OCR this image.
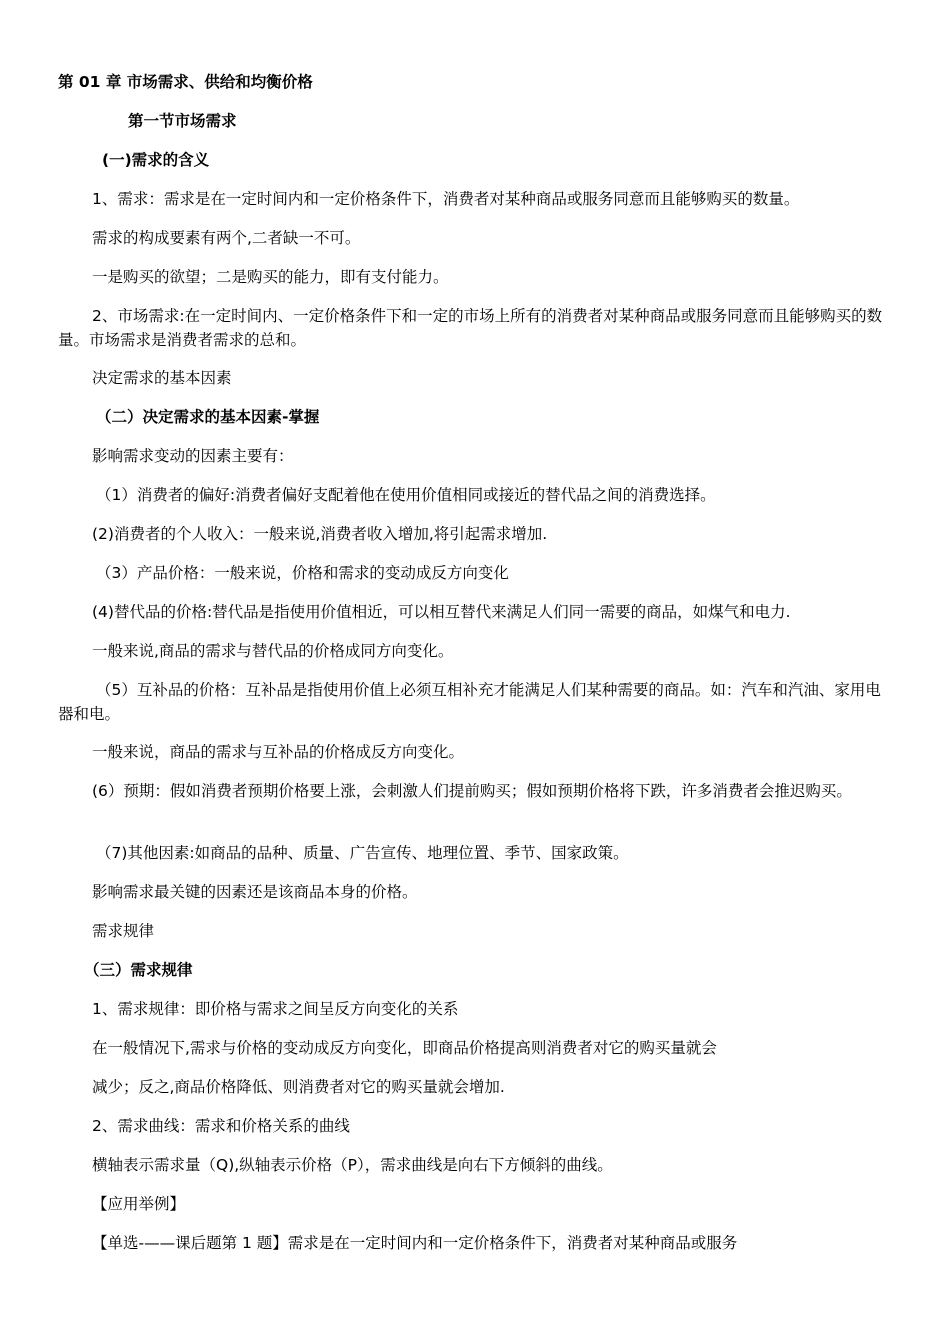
第 01 章 市场需求、供给和均衡价格
第一节市场需求
(一)需求的含义
1、需求：需求是在一定时间内和一定价格条件下，消费者对某种商品或服务同意而且能够购买的数量。
需求的构成要素有两个,二者缺一不可。
一是购买的欲望；二是购买的能力，即有支付能力。
2、市场需求:在一定时间内、一定价格条件下和一定的市场上所有的消费者对某种商品或服务同意而且能够购买的数量。市场需求是消费者需求的总和。
决定需求的基本因素
（二）决定需求的基本因素-掌握
影响需求变动的因素主要有：
（1）消费者的偏好:消费者偏好支配着他在使用价值相同或接近的替代品之间的消费选择。
(2)消费者的个人收入：一般来说,消费者收入增加,将引起需求增加.
（3）产品价格：一般来说，价格和需求的变动成反方向变化
(4)替代品的价格:替代品是指使用价值相近，可以相互替代来满足人们同一需要的商品，如煤气和电力.
一般来说,商品的需求与替代品的价格成同方向变化。
（5）互补品的价格：互补品是指使用价值上必须互相补充才能满足人们某种需要的商品。如：汽车和汽油、家用电器和电。
一般来说，商品的需求与互补品的价格成反方向变化。
(6）预期：假如消费者预期价格要上涨，会刺激人们提前购买；假如预期价格将下跌，许多消费者会推迟购买。
（7)其他因素:如商品的品种、质量、广告宣传、地理位置、季节、国家政策。
影响需求最关键的因素还是该商品本身的价格。
需求规律
（三）需求规律
1、需求规律：即价格与需求之间呈反方向变化的关系
在一般情况下,需求与价格的变动成反方向变化，即商品价格提高则消费者对它的购买量就会
减少；反之,商品价格降低、则消费者对它的购买量就会增加.
2、需求曲线：需求和价格关系的曲线
横轴表示需求量（Q),纵轴表示价格（P），需求曲线是向右下方倾斜的曲线。
【应用举例】
【单选-——课后题第 1 题】需求是在一定时间内和一定价格条件下，消费者对某种商品或服务
